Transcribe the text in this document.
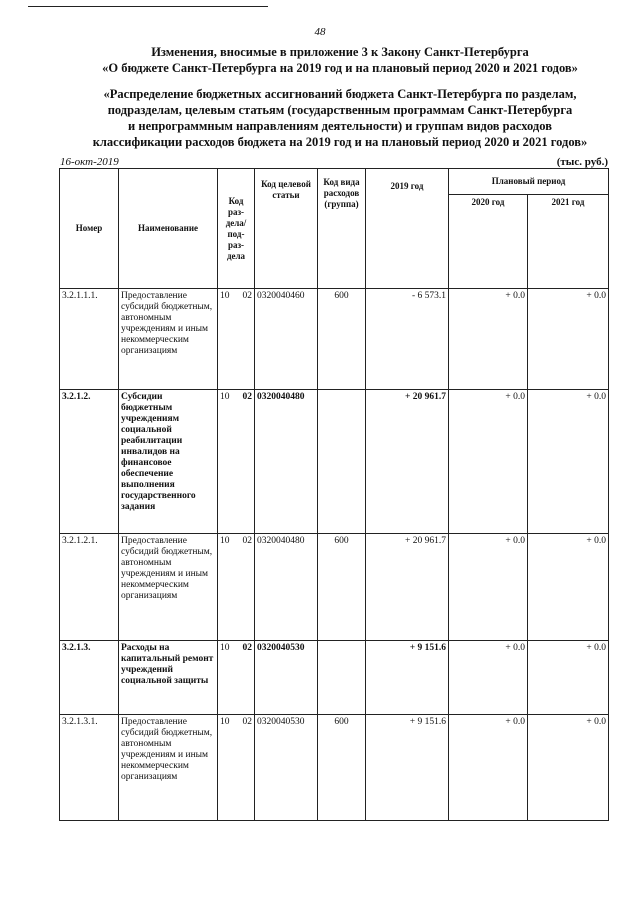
48
Изменения, вносимые в приложение 3 к Закону Санкт-Петербурга
«О бюджете Санкт-Петербурга на 2019 год и на плановый период 2020 и 2021 годов»
«Распределение бюджетных ассигнований бюджета Санкт-Петербурга по разделам,
подразделам, целевым статьям (государственным программам Санкт-Петербурга
и непрограммным направлениям деятельности) и группам видов расходов
классификации расходов бюджета на 2019 год и на плановый период 2020 и 2021 годов»
16-окт-2019	(тыс. руб.)
Номер	Наименование	Код раз-дела/ под-раз-дела	Код целевой статьи	Код вида расходов (группа)	2019 год	Плановый период	
						2020 год	2021 год
3.2.1.1.1.	Предоставление субсидий бюджетным, автономным учреждениям и иным некоммерческим организациям	10 02	0320040460	600	- 6 573.1	+ 0.0	+ 0.0
3.2.1.2.	Субсидии бюджетным учреждениям социальной реабилитации инвалидов на финансовое обеспечение выполнения государственного задания	10 02	0320040480		+ 20 961.7	+ 0.0	+ 0.0
3.2.1.2.1.	Предоставление субсидий бюджетным, автономным учреждениям и иным некоммерческим организациям	10 02	0320040480	600	+ 20 961.7	+ 0.0	+ 0.0
3.2.1.3.	Расходы на капитальный ремонт учреждений социальной защиты	10 02	0320040530		+ 9 151.6	+ 0.0	+ 0.0
3.2.1.3.1.	Предоставление субсидий бюджетным, автономным учреждениям и иным некоммерческим организациям	10 02	0320040530	600	+ 9 151.6	+ 0.0	+ 0.0
